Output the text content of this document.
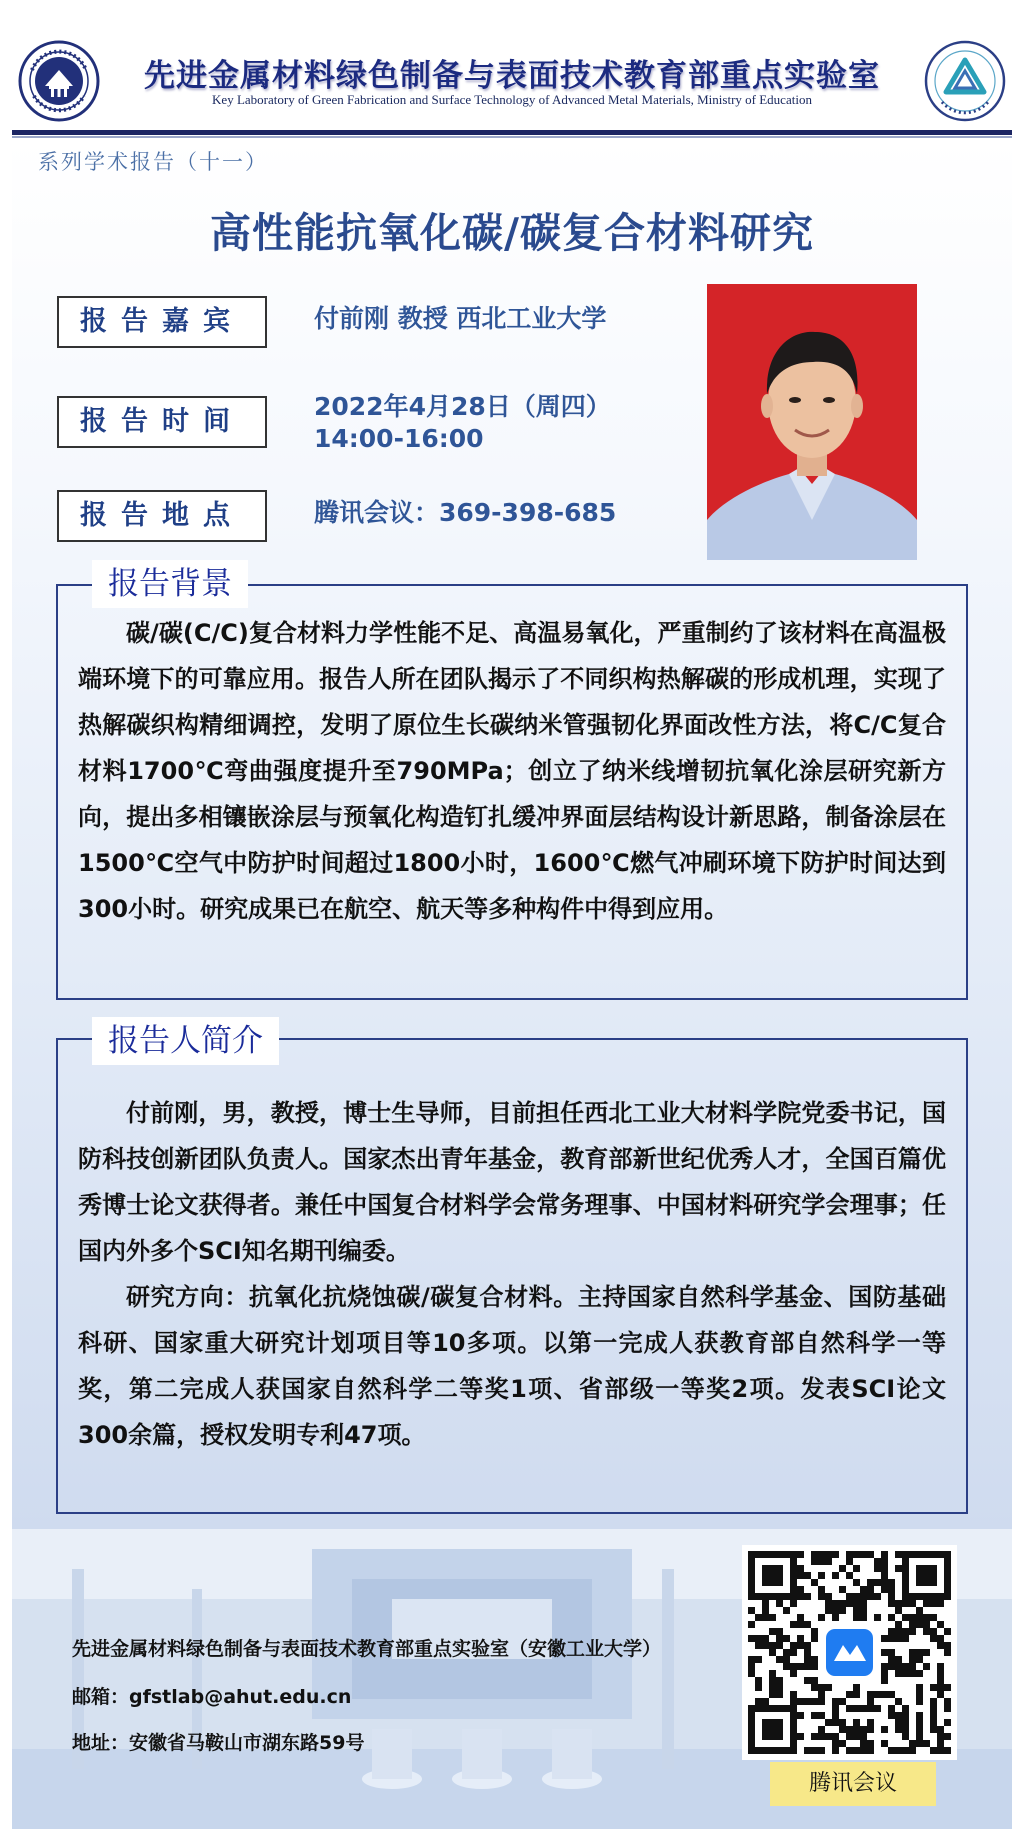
先进金属材料绿色制备与表面技术教育部重点实验室
Key Laboratory of Green Fabrication and Surface Technology of Advanced Metal Materials, Ministry of Education
系列学术报告（十一）
高性能抗氧化碳/碳复合材料研究
报告嘉宾	付前刚 教授 西北工业大学
报告时间	2022年4月28日（周四）
14:00-16:00
报告地点	腾讯会议：369-398-685

碳/碳(C/C)复合材料力学性能不足、高温易氧化，严重制约了该材料在高温极端环境下的可靠应用。报告人所在团队揭示了不同织构热解碳的形成机理，实现了热解碳织构精细调控，发明了原位生长碳纳米管强韧化界面改性方法，将C/C复合材料1700℃弯曲强度提升至790MPa；创立了纳米线增韧抗氧化涂层研究新方向，提出多相镶嵌涂层与预氧化构造钉扎缓冲界面层结构设计新思路，制备涂层在1500℃空气中防护时间超过1800小时，1600℃燃气冲刷环境下防护时间达到300小时。研究成果已在航空、航天等多种构件中得到应用。

报告背景

付前刚，男，教授，博士生导师，目前担任西北工业大材料学院党委书记，国防科技创新团队负责人。国家杰出青年基金，教育部新世纪优秀人才，全国百篇优秀博士论文获得者。兼任中国复合材料学会常务理事、中国材料研究学会理事；任国内外多个SCI知名期刊编委。

研究方向：抗氧化抗烧蚀碳/碳复合材料。主持国家自然科学基金、国防基础科研、国家重大研究计划项目等10多项。以第一完成人获教育部自然科学一等奖，第二完成人获国家自然科学二等奖1项、省部级一等奖2项。发表SCI论文300余篇，授权发明专利47项。

报告人简介
先进金属材料绿色制备与表面技术教育部重点实验室（安徽工业大学）
邮箱：gfstlab@ahut.edu.cn
地址：安徽省马鞍山市湖东路59号
腾讯会议
